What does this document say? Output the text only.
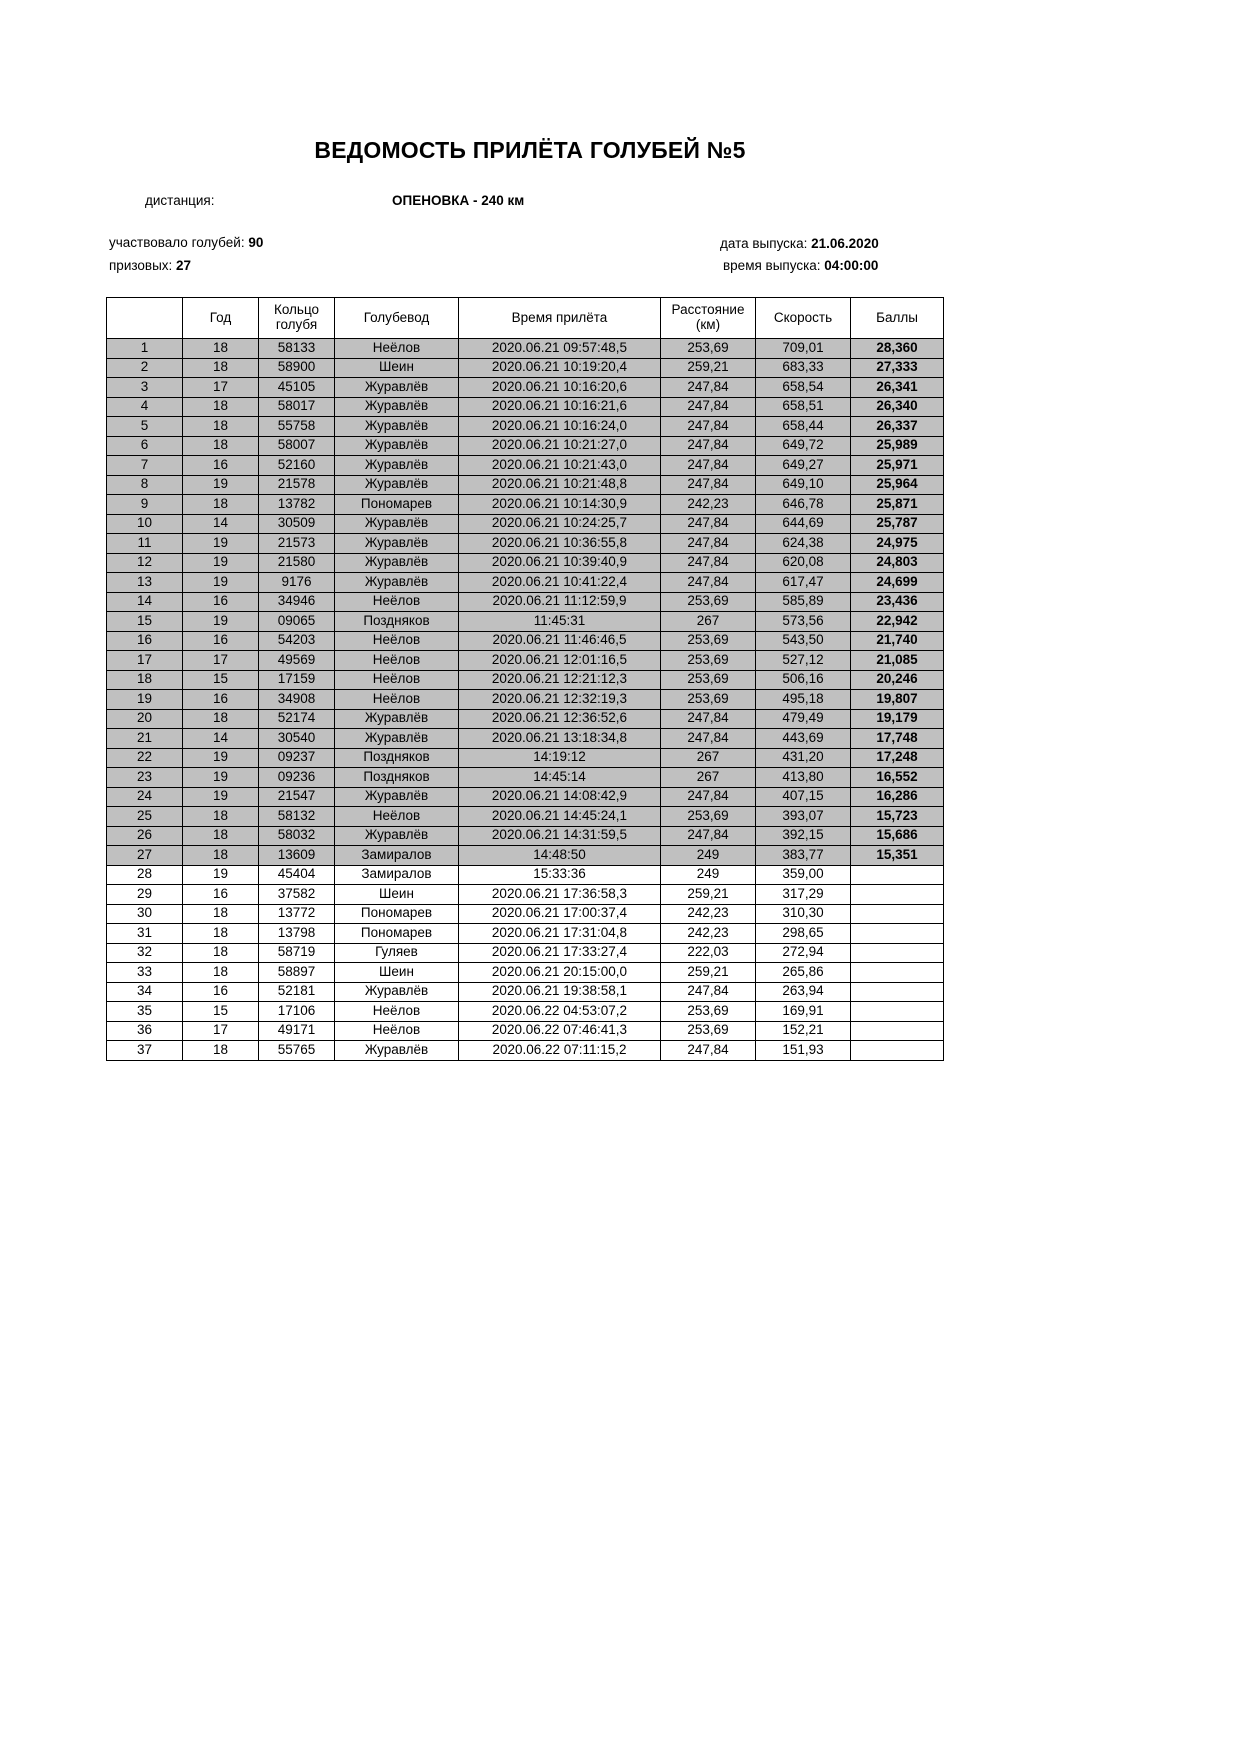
ВЕДОМОСТЬ ПРИЛЁТА ГОЛУБЕЙ №5
дистанция:	ОПЕНОВКА - 240 км
участвовало голубей: 90
призовых: 27
дата выпуска: 21.06.2020
время выпуска: 04:00:00
	Год	Кольцо голубя	Голубевод	Время прилёта	Расстояние (км)	Скорость	Баллы
1	18	58133	Неёлов	2020.06.21 09:57:48,5	253,69	709,01	28,360
2	18	58900	Шеин	2020.06.21 10:19:20,4	259,21	683,33	27,333
3	17	45105	Журавлёв	2020.06.21 10:16:20,6	247,84	658,54	26,341
4	18	58017	Журавлёв	2020.06.21 10:16:21,6	247,84	658,51	26,340
5	18	55758	Журавлёв	2020.06.21 10:16:24,0	247,84	658,44	26,337
6	18	58007	Журавлёв	2020.06.21 10:21:27,0	247,84	649,72	25,989
7	16	52160	Журавлёв	2020.06.21 10:21:43,0	247,84	649,27	25,971
8	19	21578	Журавлёв	2020.06.21 10:21:48,8	247,84	649,10	25,964
9	18	13782	Пономарев	2020.06.21 10:14:30,9	242,23	646,78	25,871
10	14	30509	Журавлёв	2020.06.21 10:24:25,7	247,84	644,69	25,787
11	19	21573	Журавлёв	2020.06.21 10:36:55,8	247,84	624,38	24,975
12	19	21580	Журавлёв	2020.06.21 10:39:40,9	247,84	620,08	24,803
13	19	9176	Журавлёв	2020.06.21 10:41:22,4	247,84	617,47	24,699
14	16	34946	Неёлов	2020.06.21 11:12:59,9	253,69	585,89	23,436
15	19	09065	Поздняков	11:45:31	267	573,56	22,942
16	16	54203	Неёлов	2020.06.21 11:46:46,5	253,69	543,50	21,740
17	17	49569	Неёлов	2020.06.21 12:01:16,5	253,69	527,12	21,085
18	15	17159	Неёлов	2020.06.21 12:21:12,3	253,69	506,16	20,246
19	16	34908	Неёлов	2020.06.21 12:32:19,3	253,69	495,18	19,807
20	18	52174	Журавлёв	2020.06.21 12:36:52,6	247,84	479,49	19,179
21	14	30540	Журавлёв	2020.06.21 13:18:34,8	247,84	443,69	17,748
22	19	09237	Поздняков	14:19:12	267	431,20	17,248
23	19	09236	Поздняков	14:45:14	267	413,80	16,552
24	19	21547	Журавлёв	2020.06.21 14:08:42,9	247,84	407,15	16,286
25	18	58132	Неёлов	2020.06.21 14:45:24,1	253,69	393,07	15,723
26	18	58032	Журавлёв	2020.06.21 14:31:59,5	247,84	392,15	15,686
27	18	13609	Замиралов	14:48:50	249	383,77	15,351
28	19	45404	Замиралов	15:33:36	249	359,00	
29	16	37582	Шеин	2020.06.21 17:36:58,3	259,21	317,29	
30	18	13772	Пономарев	2020.06.21 17:00:37,4	242,23	310,30	
31	18	13798	Пономарев	2020.06.21 17:31:04,8	242,23	298,65	
32	18	58719	Гуляев	2020.06.21 17:33:27,4	222,03	272,94	
33	18	58897	Шеин	2020.06.21 20:15:00,0	259,21	265,86	
34	16	52181	Журавлёв	2020.06.21 19:38:58,1	247,84	263,94	
35	15	17106	Неёлов	2020.06.22 04:53:07,2	253,69	169,91	
36	17	49171	Неёлов	2020.06.22 07:46:41,3	253,69	152,21	
37	18	55765	Журавлёв	2020.06.22 07:11:15,2	247,84	151,93	
